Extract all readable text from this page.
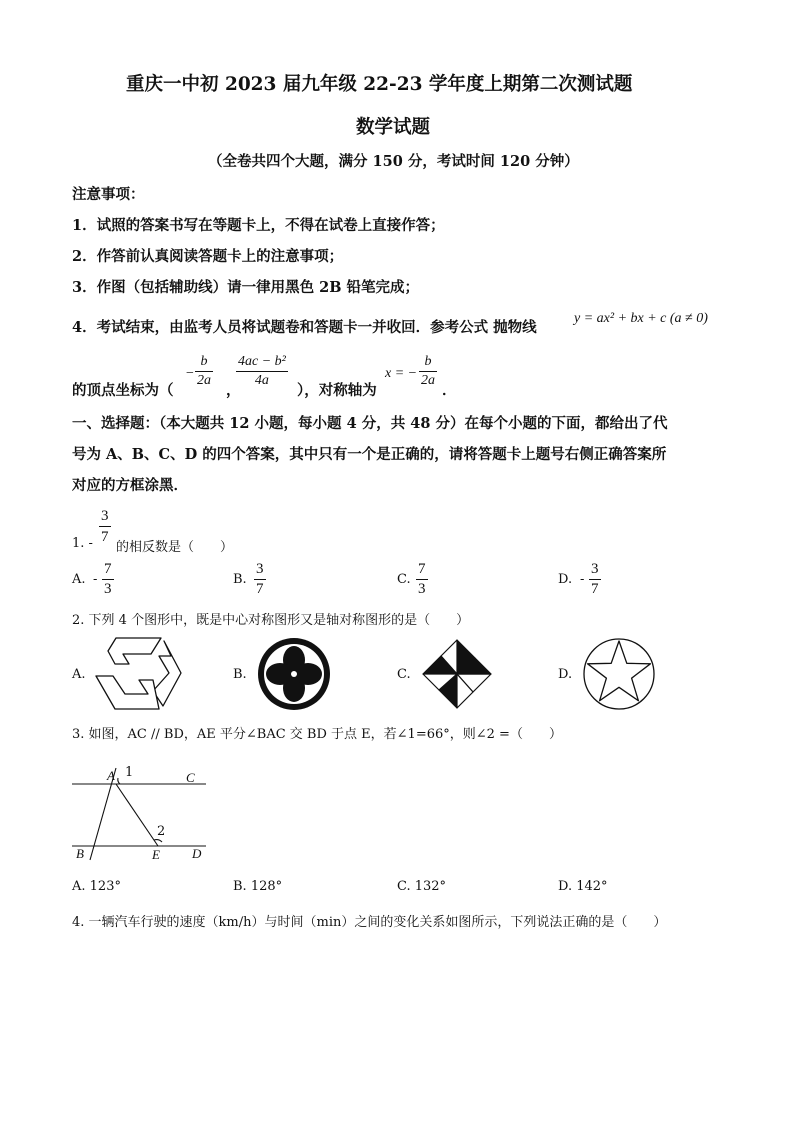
重庆一中初 2023 届九年级 22-23 学年度上期第二次测试题
数学试题
（全卷共四个大题，满分 150 分，考试时间 120 分钟）
注意事项：
1．试照的答案书写在等题卡上，不得在试卷上直接作答；
2．作答前认真阅读答题卡上的注意事项；
3．作图（包括辅助线）请一律用黑色 2B 铅笔完成；
4．考试结束，由监考人员将试题卷和答题卡一并收回．参考公式 抛物线
y = ax² + bx + c (a ≠ 0)
−
b
2a
4ac − b²
4a
的顶点坐标为（	，	），对称轴为
x = −
b
2a
．
一、选择题：（本大题共 12 小题，每小题 4 分，共 48 分）在每个小题的下面，都给出了代
号为 A、B、C、D 的四个答案，其中只有一个是正确的，请将答题卡上题号右侧正确答案所
对应的方框涂黑．
1. -
3
7
的相反数是（　　）
A. -
7
3
B.
3
7
C.
7
3
D. -
3
7
2. 下列 4 个图形中，既是中心对称图形又是轴对称图形的是（　　）
A.	B.	C.	D.
3. 如图，AC // BD，AE 平分∠BAC 交 BD 于点 E，若∠1=66°，则∠2 =（　　）
A 1	C
2
B	E D
A. 123°	B. 128°	C. 132°	D. 142°
4. 一辆汽车行驶的速度（km/h）与时间（min）之间的变化关系如图所示，下列说法正确的是（　　）
